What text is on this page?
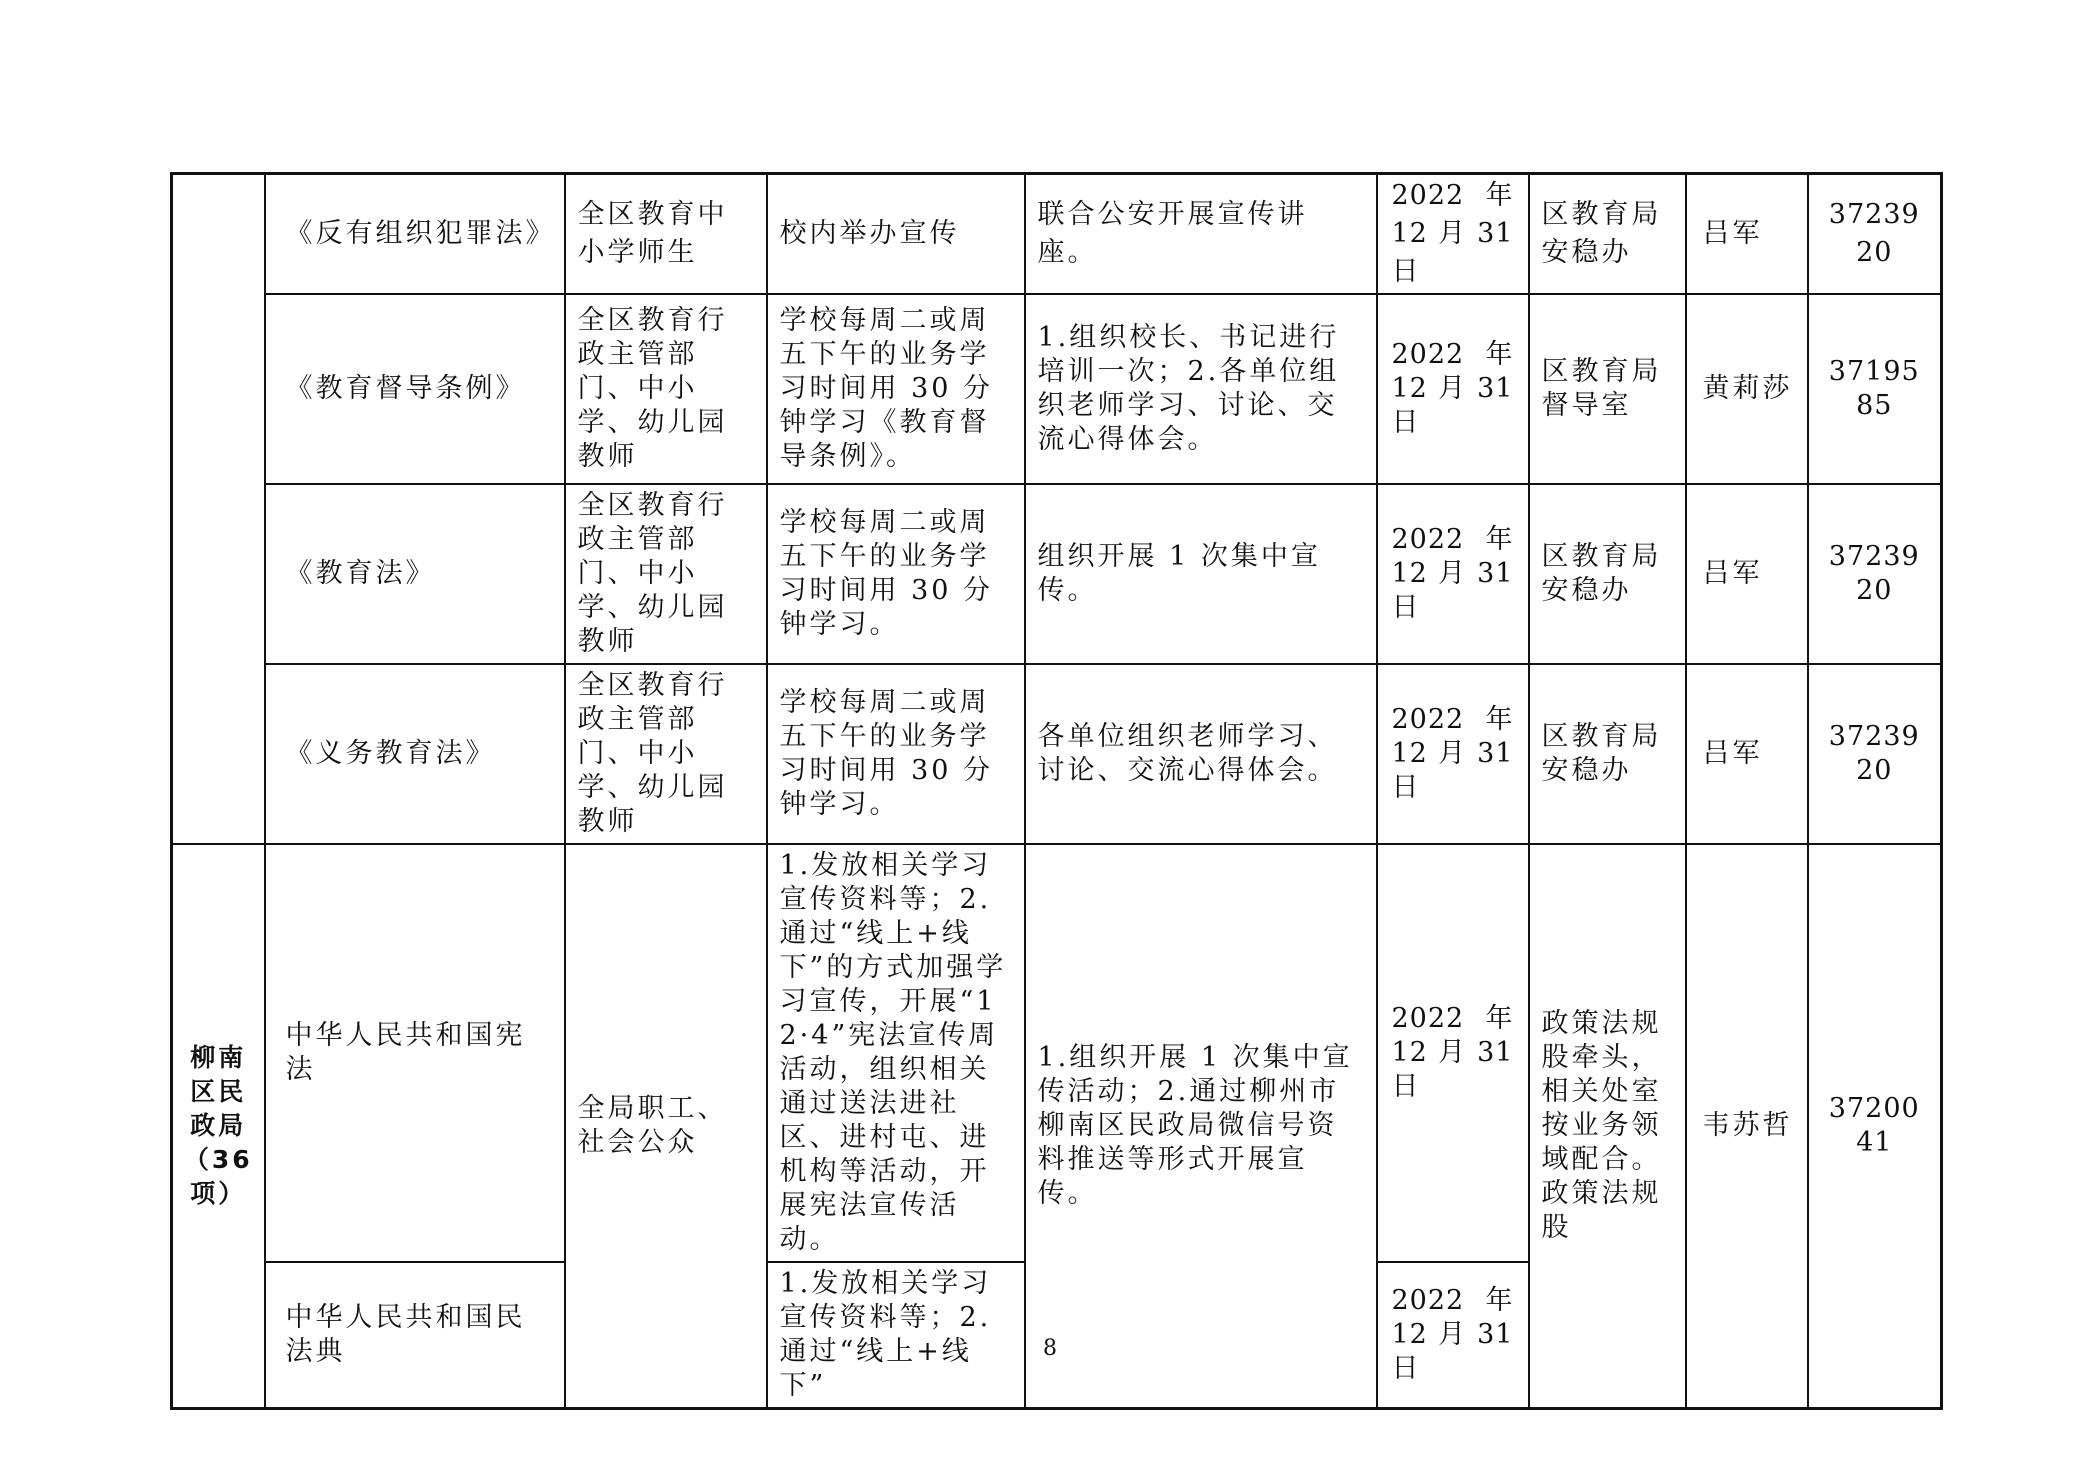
	《反有组织犯罪法》	全区教育中小学师生	校内举办宣传	联合公安开展宣传讲座。	2022 年12 月 31日	区教育局安稳办	吕军	3723920
	《教育督导条例》	全区教育行政主管部门、中小学、幼儿园教师	学校每周二或周五下午的业务学习时间用 30 分钟学习《教育督导条例》。	1.组织校长、书记进行培训一次；2.各单位组织老师学习、讨论、交流心得体会。	2022 年12 月 31日	区教育局督导室	黄莉莎	3719585
	《教育法》	全区教育行政主管部门、中小学、幼儿园教师	学校每周二或周五下午的业务学习时间用 30 分钟学习。	组织开展 1 次集中宣传。	2022 年12 月 31日	区教育局安稳办	吕军	3723920
	《义务教育法》	全区教育行政主管部门、中小学、幼儿园教师	学校每周二或周五下午的业务学习时间用 30 分钟学习。	各单位组织老师学习、讨论、交流心得体会。	2022 年12 月 31日	区教育局安稳办	吕军	3723920
柳南区民政局（36项）	中华人民共和国宪法	全局职工、社会公众	1.发放相关学习宣传资料等；2.通过“线上+线下”的方式加强学习宣传，开展“12·4”宪法宣传周活动，组织相关通过送法进社区、进村屯、进机构等活动，开展宪法宣传活动。	1.组织开展 1 次集中宣传活动；2.通过柳州市柳南区民政局微信号资料推送等形式开展宣传。	2022 年12 月 31日	政策法规股牵头，相关处室按业务领域配合。政策法规股	韦苏哲	3720041
	中华人民共和国民法典		1.发放相关学习宣传资料等；2.通过“线上+线下”		2022 年12 月 31日			
8
